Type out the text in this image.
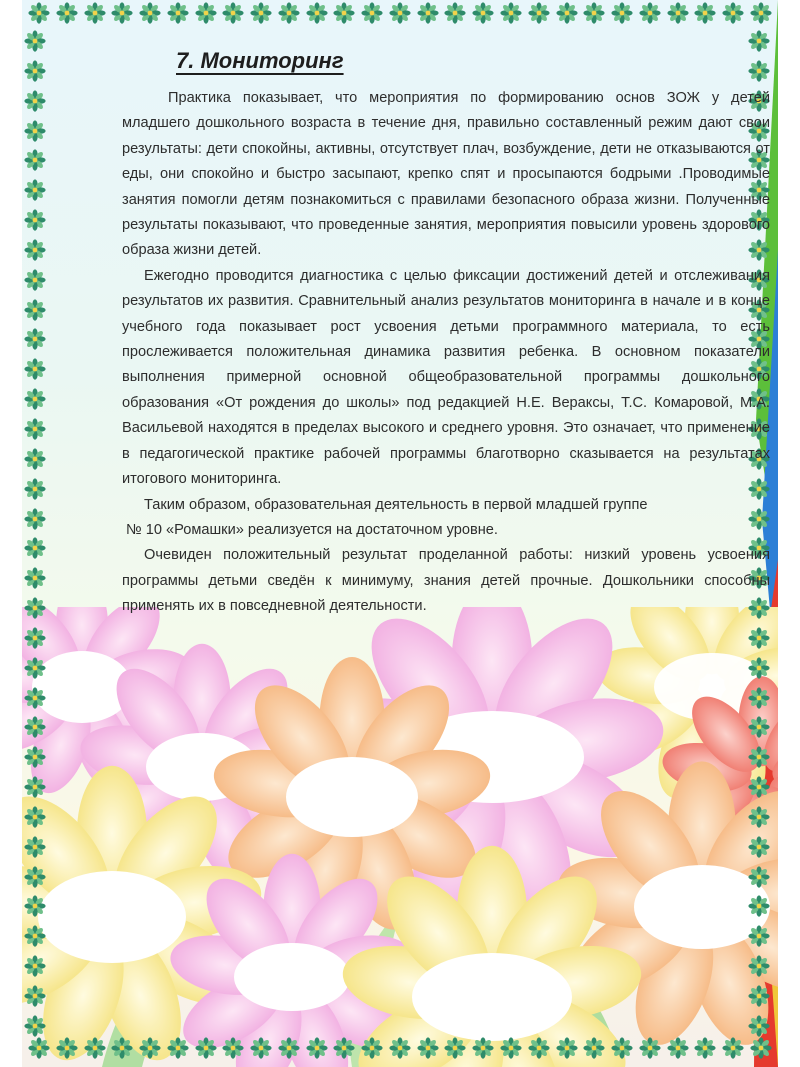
7. Мониторинг

Практика показывает, что мероприятия по формированию основ ЗОЖ у детей младшего дошкольного возраста в течение дня, правильно составленный режим дают свои результаты: дети спокойны, активны, отсутствует плач, возбуждение, дети не отказываются от еды, они спокойно и быстро засыпают, крепко спят и просыпаются бодрыми .Проводимые занятия помогли детям познакомиться с правилами безопасного образа жизни. Полученные результаты показывают, что проведенные занятия, мероприятия повысили уровень здорового образа жизни детей.

Ежегодно проводится диагностика с целью фиксации достижений детей и отслеживания результатов их развития. Сравнительный анализ результатов мониторинга в начале и в конце учебного года показывает рост усвоения детьми программного материала, то есть прослеживается положительная динамика развития ребенка. В основном показатели выполнения примерной основной общеобразовательной программы дошкольного образования «От рождения до школы» под редакцией Н.Е. Вераксы, Т.С. Комаровой, М.А. Васильевой находятся в пределах высокого и среднего уровня. Это означает, что применение в педагогической практике рабочей программы благотворно сказывается на результатах итогового мониторинга.

Таким образом, образовательная деятельность в первой младшей группе

№ 10 «Ромашки» реализуется на достаточном уровне.

Очевиден положительный результат проделанной работы: низкий уровень усвоения программы детьми сведён к минимуму, знания детей прочные. Дошкольники способны применять их в повседневной деятельности.
